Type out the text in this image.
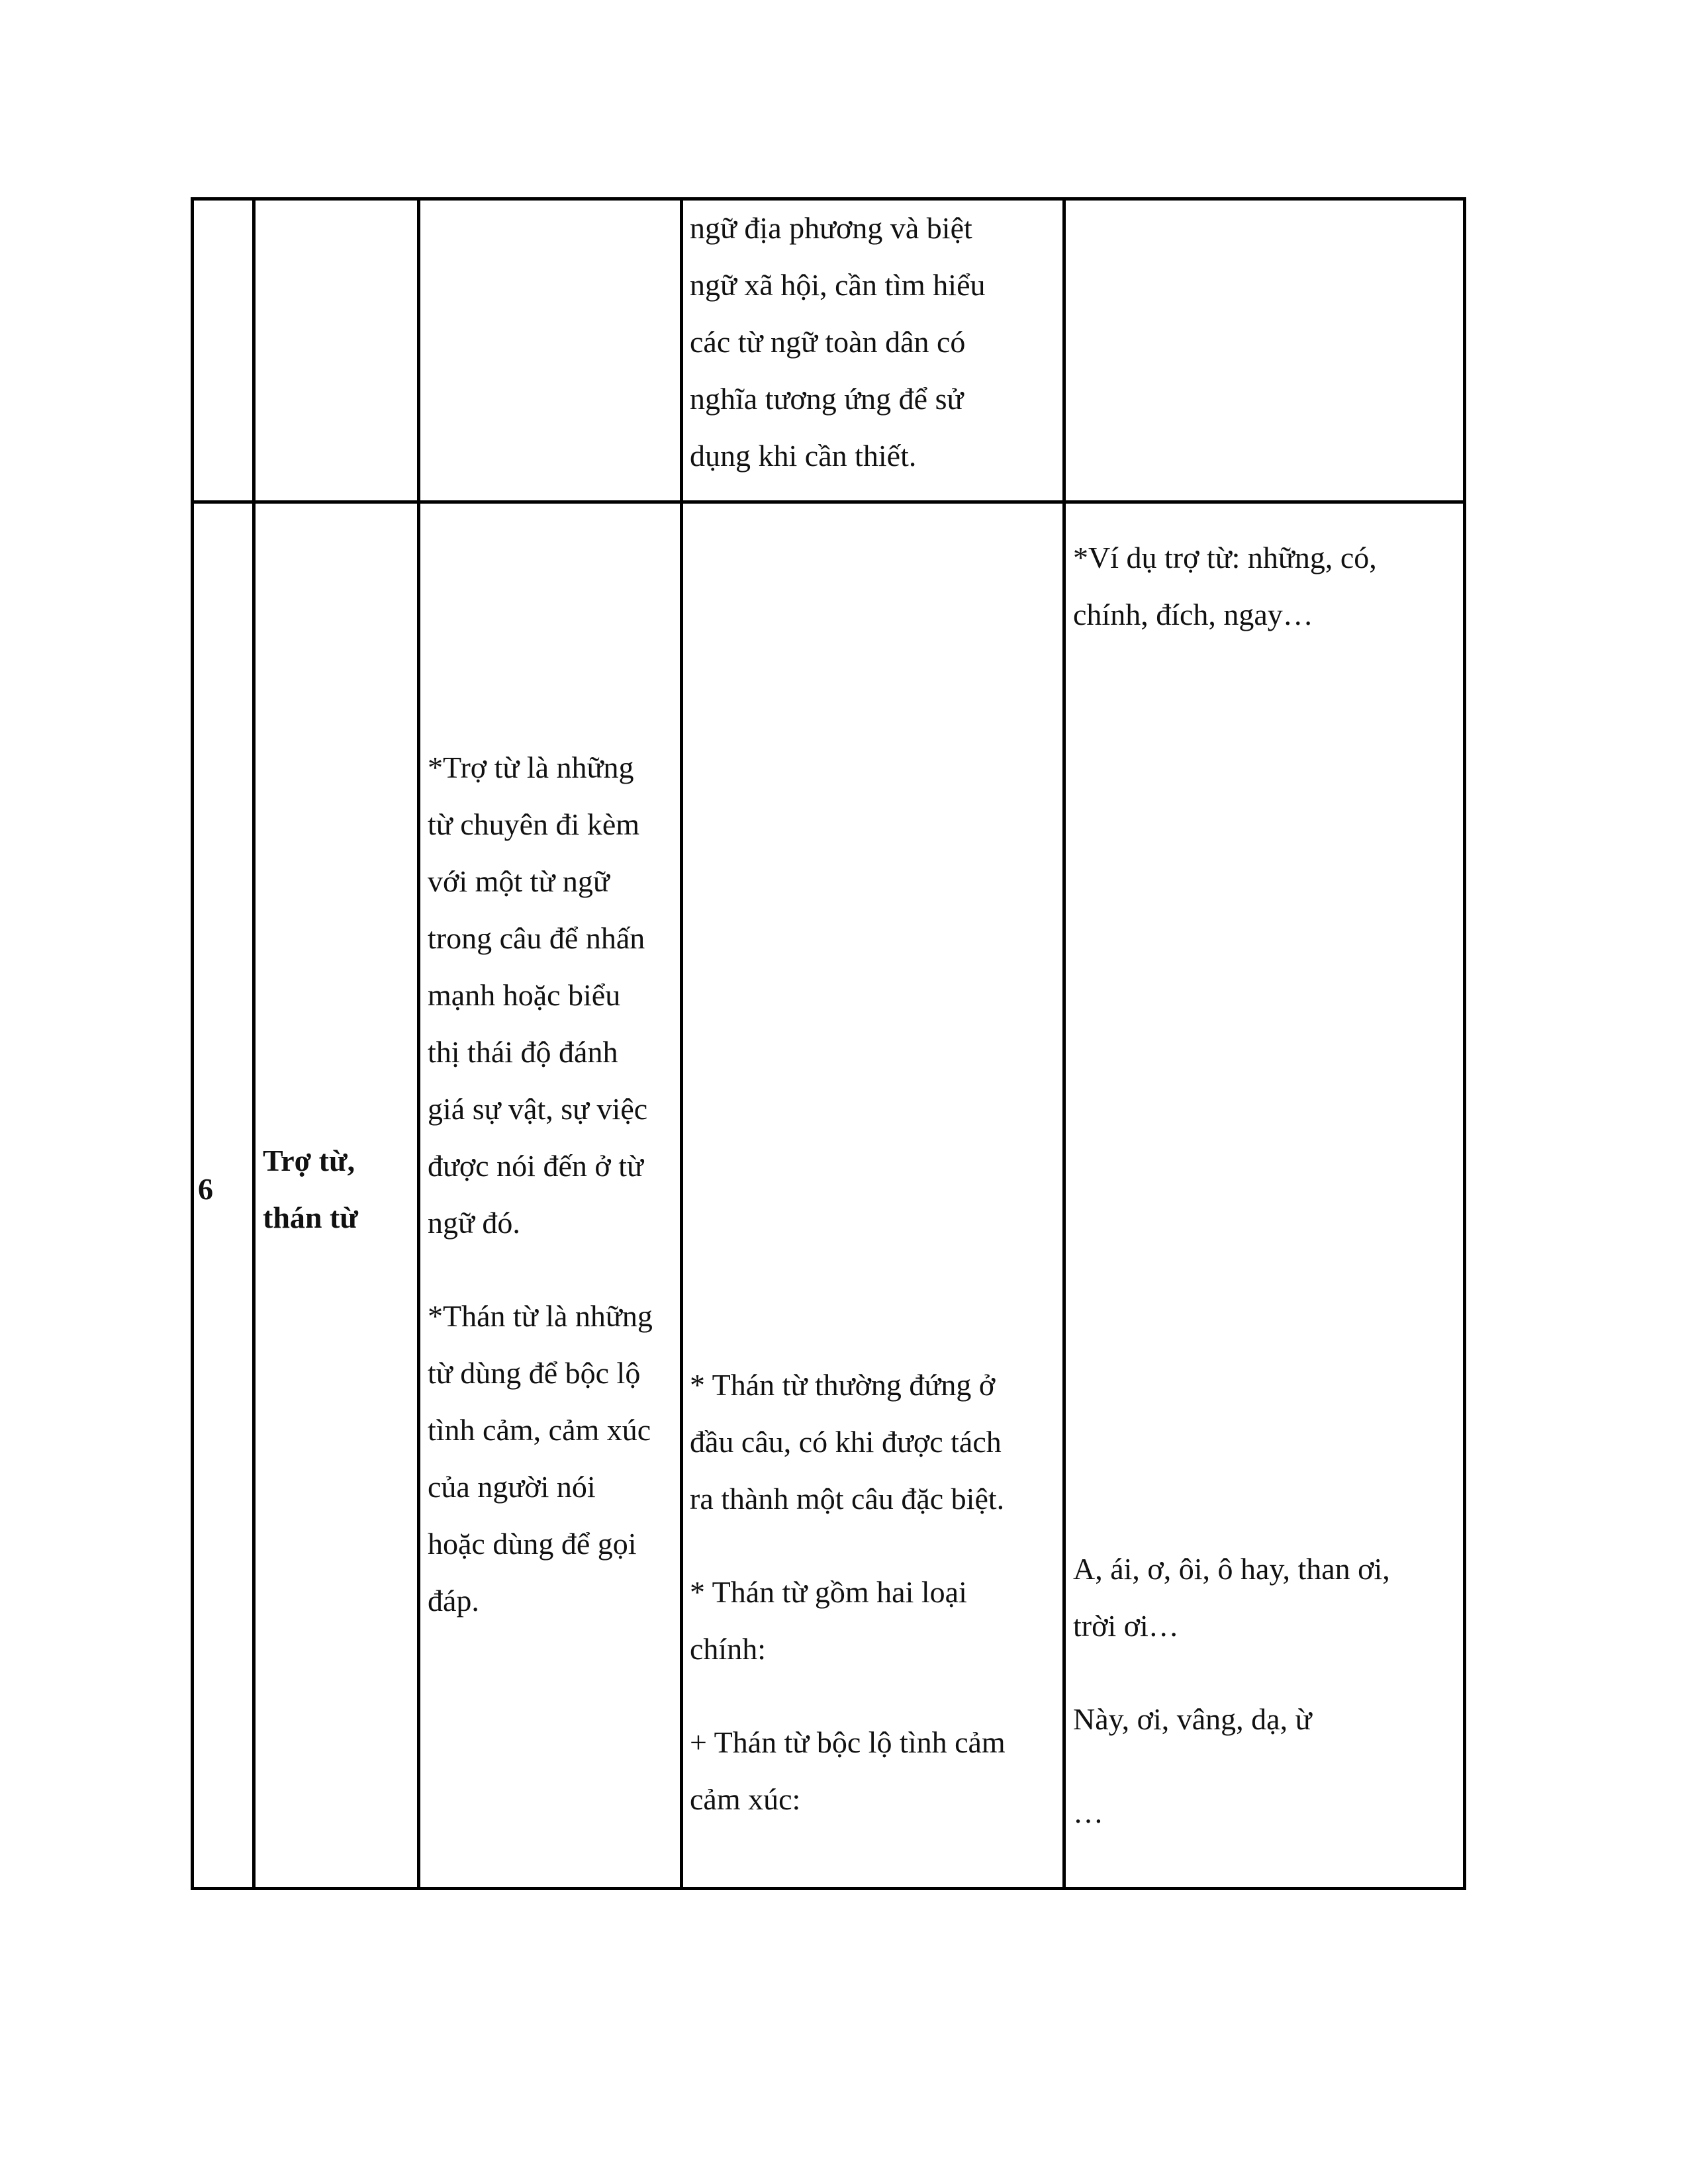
ngữ địa phương và biệt

ngữ xã hội, cần tìm hiểu

các từ ngữ toàn dân có

nghĩa tương ứng để sử

dụng khi cần thiết.

6

Trợ từ,

thán từ

*Trợ từ là những

từ chuyên đi kèm

với một từ ngữ

trong câu để nhấn

mạnh hoặc biểu

thị thái độ đánh

giá sự vật, sự việc

được nói đến ở từ

ngữ đó.

*Thán từ là những

từ dùng để bộc lộ

tình cảm, cảm xúc

của người nói

hoặc dùng để gọi

đáp.

* Thán từ thường đứng ở

đầu câu, có khi được tách

ra thành một câu đặc biệt.

* Thán từ gồm hai loại

chính:

+ Thán từ bộc lộ tình cảm

cảm xúc:

*Ví dụ trợ từ: những, có,

chính, đích, ngay…

A, ái, ơ, ôi, ô hay, than ơi,

trời ơi…

Này, ơi, vâng, dạ, ừ

…
